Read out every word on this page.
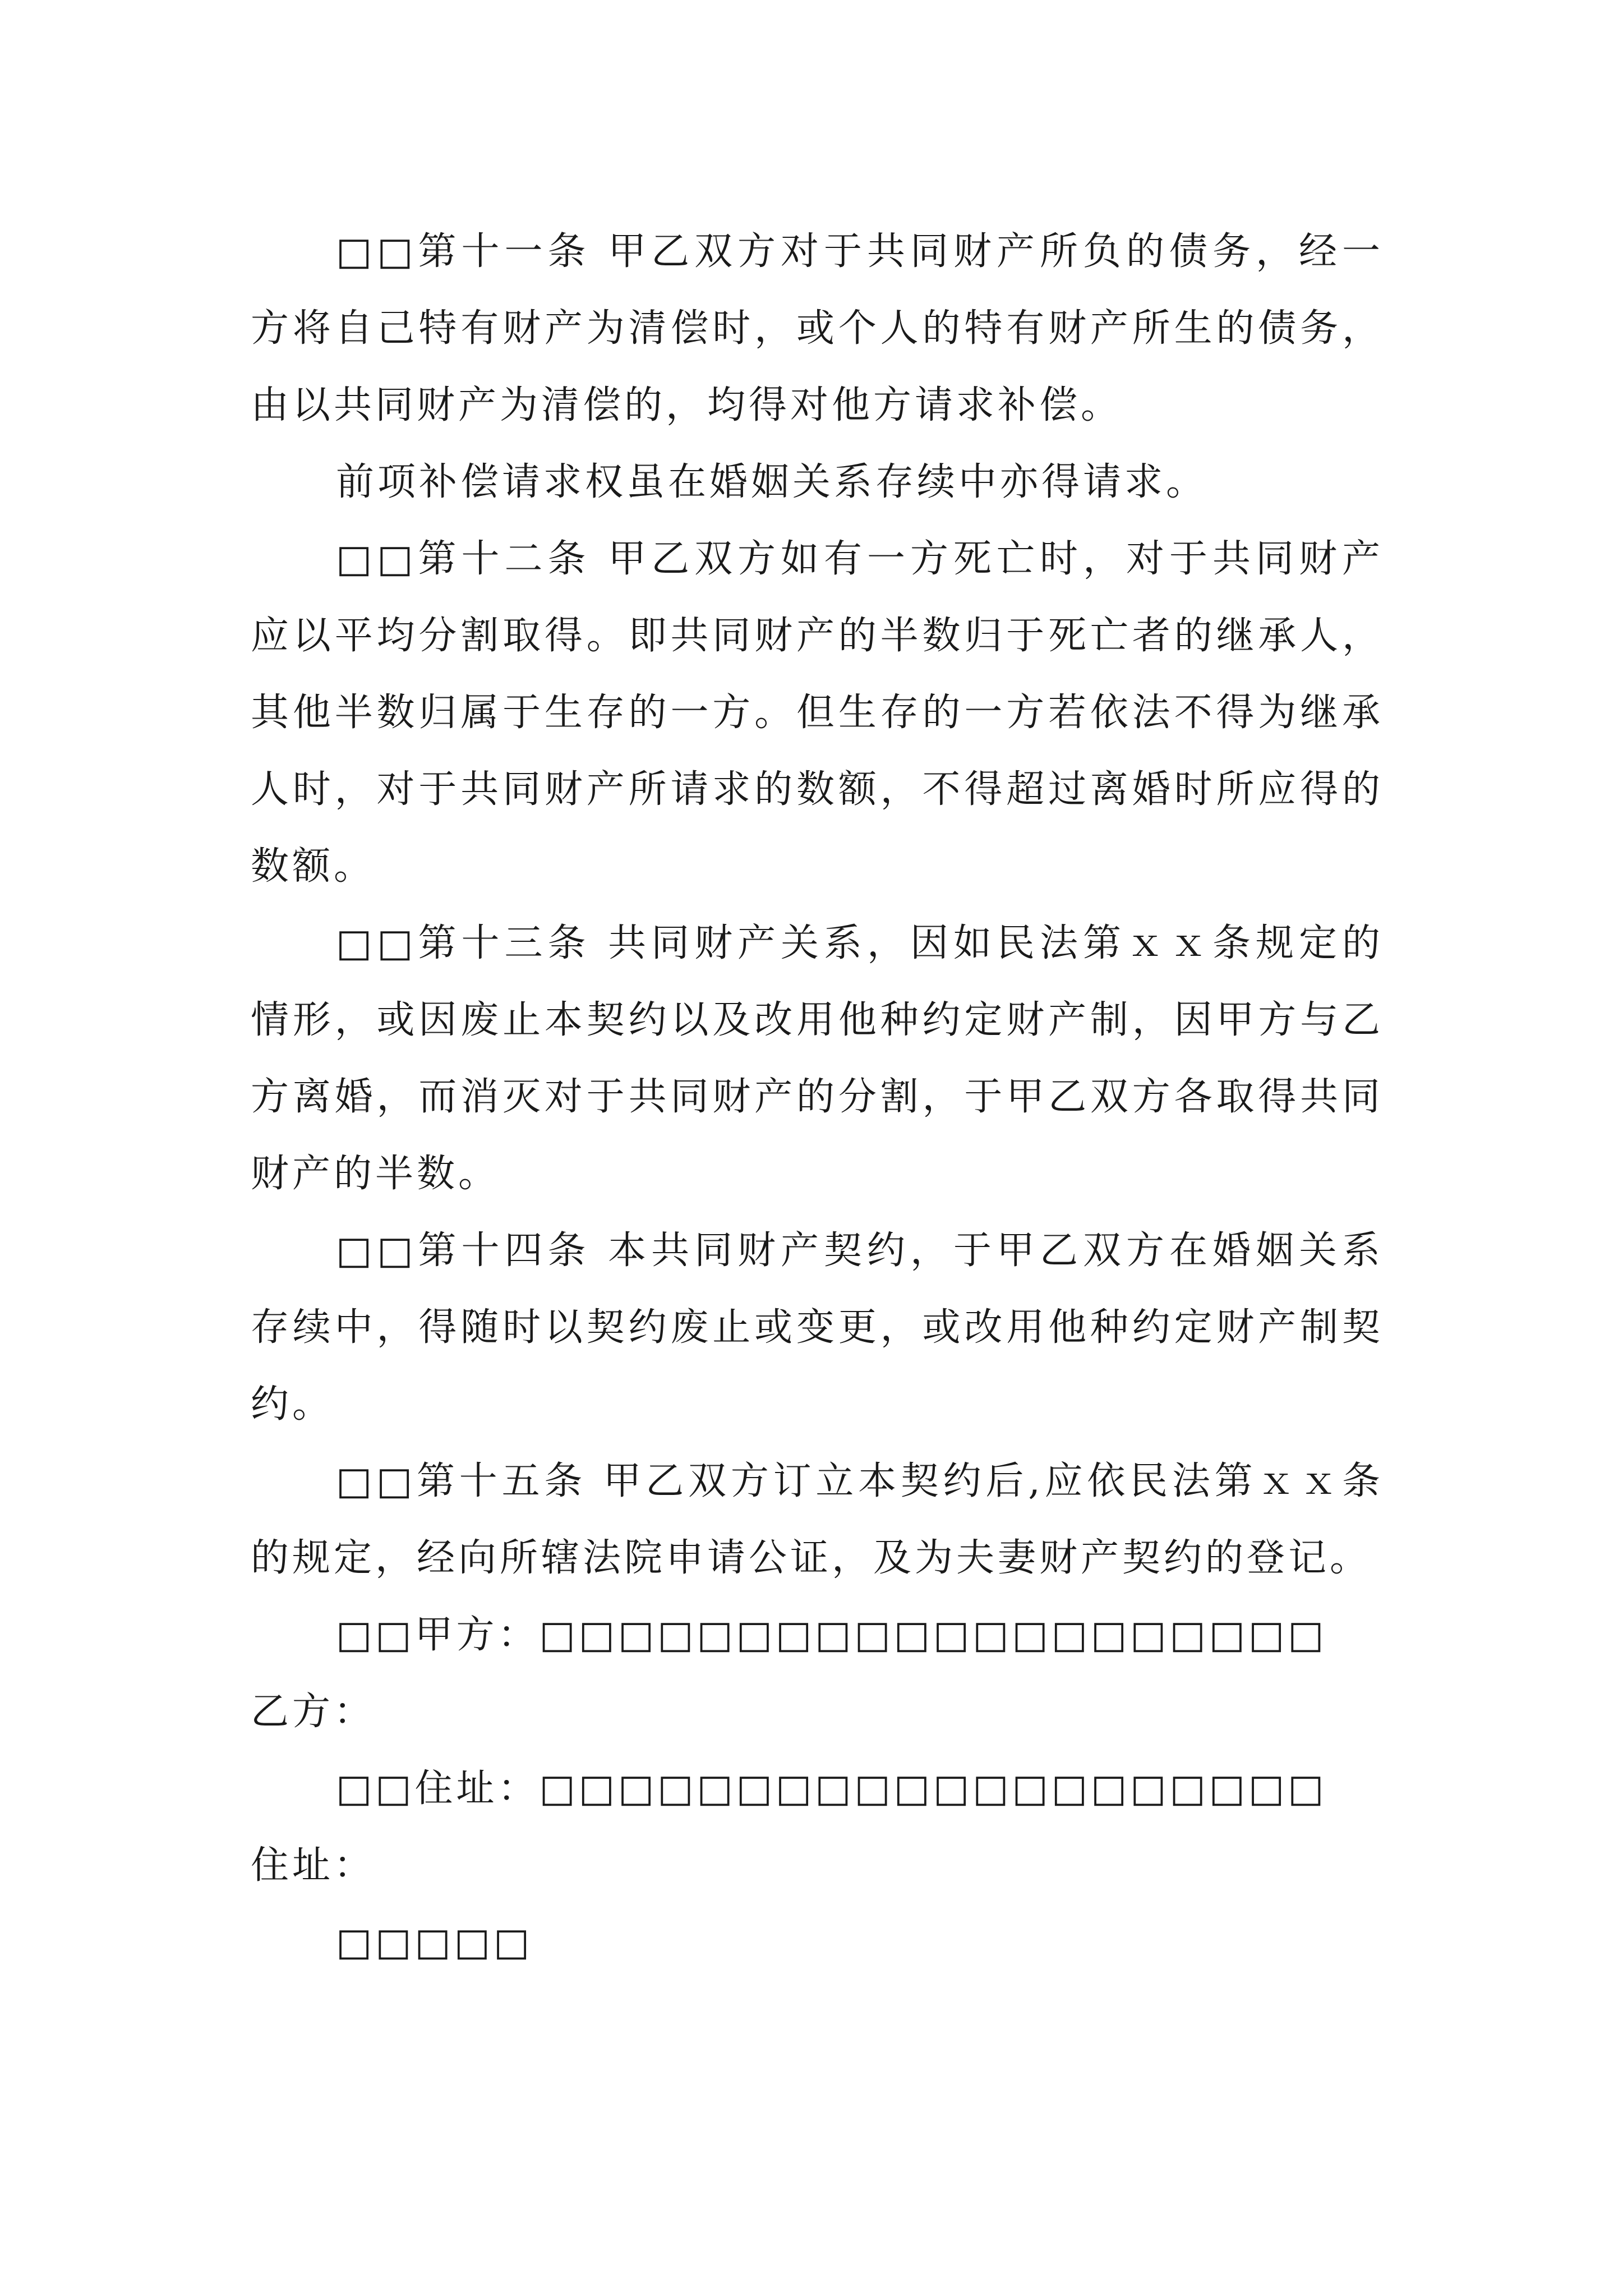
□□第十一条 甲乙双方对于共同财产所负的债务，经一方将自己特有财产为清偿时，或个人的特有财产所生的债务，由以共同财产为清偿的，均得对他方请求补偿。

前项补偿请求权虽在婚姻关系存续中亦得请求。

□□第十二条 甲乙双方如有一方死亡时，对于共同财产应以平均分割取得。即共同财产的半数归于死亡者的继承人，其他半数归属于生存的一方。但生存的一方若依法不得为继承人时，对于共同财产所请求的数额，不得超过离婚时所应得的数额。

□□第十三条 共同财产关系，因如民法第ｘｘ条规定的情形，或因废止本契约以及改用他种约定财产制，因甲方与乙方离婚，而消灭对于共同财产的分割，于甲乙双方各取得共同财产的半数。

□□第十四条 本共同财产契约，于甲乙双方在婚姻关系存续中，得随时以契约废止或变更，或改用他种约定财产制契约。

□□第十五条 甲乙双方订立本契约后,应依民法第ｘｘ条的规定，经向所辖法院申请公证，及为夫妻财产契约的登记。

□□甲方：□□□□□□□□□□□□□□□□□□□□

乙方：

□□住址：□□□□□□□□□□□□□□□□□□□□

住址：

□□□□□
